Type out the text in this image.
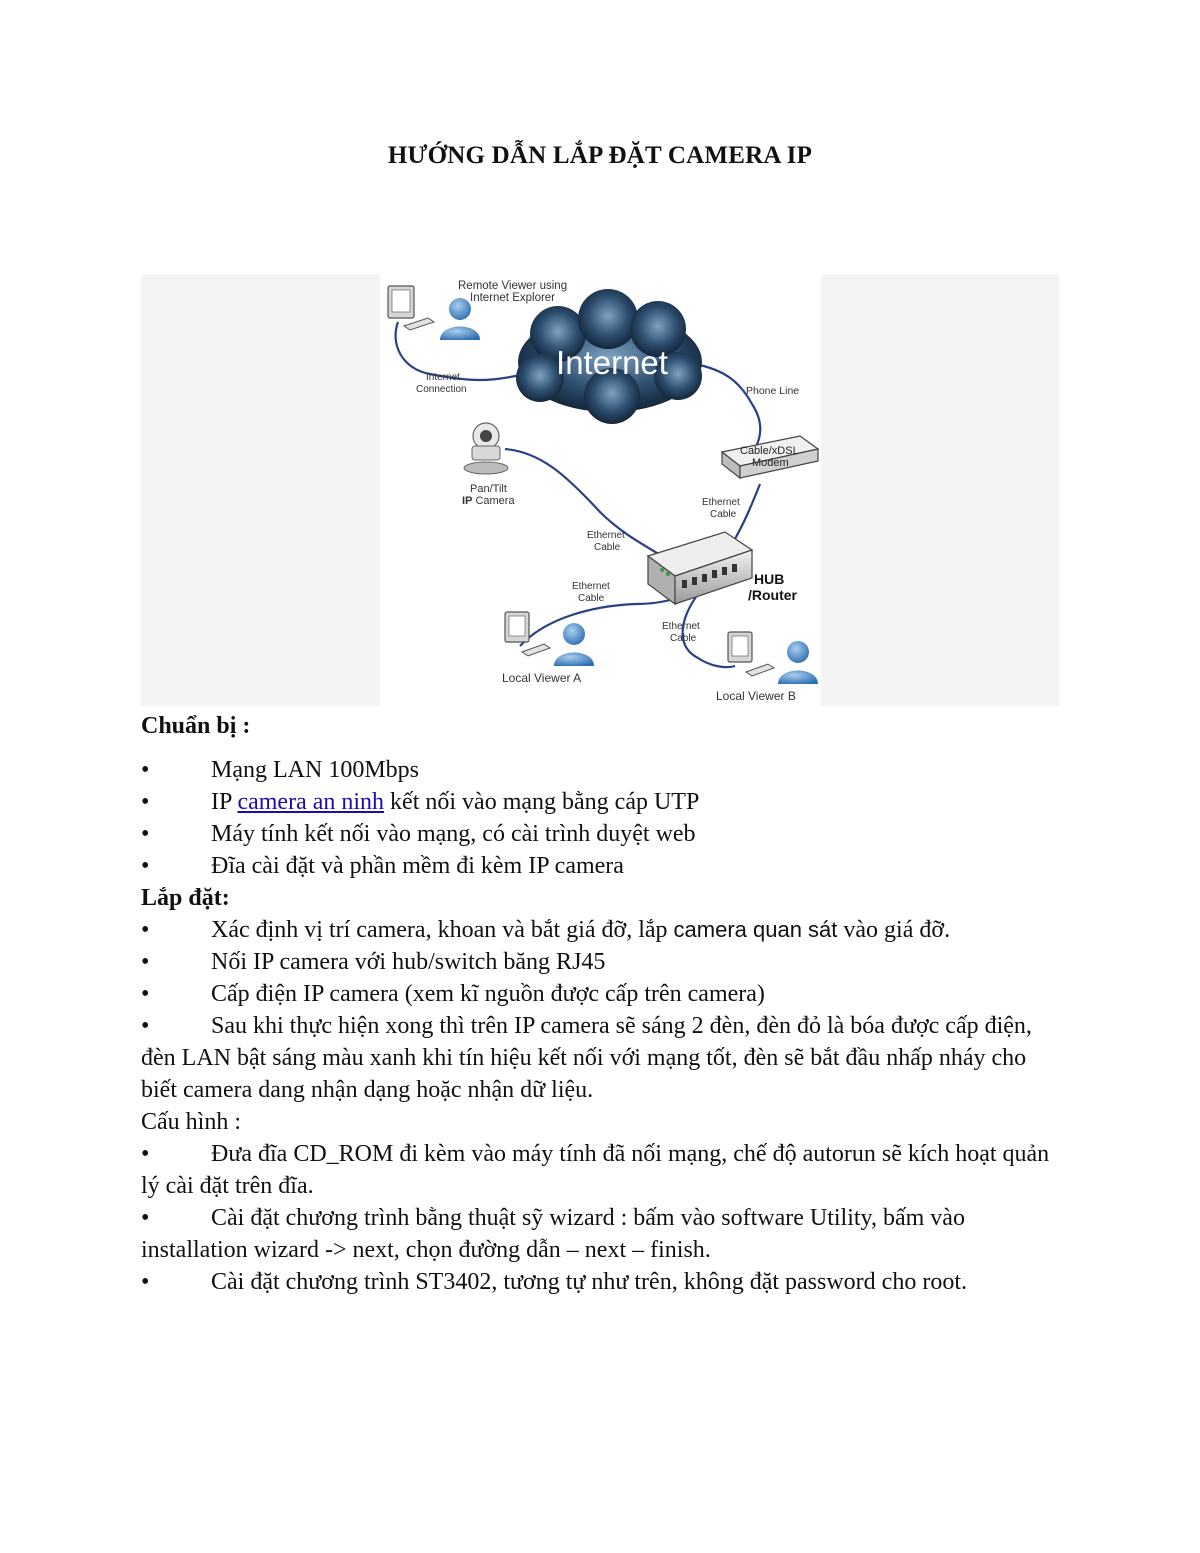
HƯỚNG DẪN LẮP ĐẶT CAMERA IP
Internet
Remote Viewer using
Internet Explorer
Internet
Connection	Phone Line
Cable/xDSL
Modem
Pan/Tilt
IP Camera	Ethernet
Cable
Ethernet
Cable
HUB
/Router
Ethernet
Cable
Ethernet
Cable
Local Viewer A
Local Viewer B

Chuẩn bị :

•	Mạng LAN 100Mbps

•	IP camera an ninh kết nối vào mạng bằng cáp UTP

•	Máy tính kết nối vào mạng, có cài trình duyệt web

•	Đĩa cài đặt và phần mềm đi kèm IP camera

Lắp đặt:

•	Xác định vị trí camera, khoan và bắt giá đỡ, lắp camera quan sát vào giá đỡ.

•	Nối IP camera với hub/switch băng RJ45

•	Cấp điện IP camera (xem kĩ nguồn được cấp trên camera)

•	Sau khi thực hiện xong thì trên IP camera sẽ sáng 2 đèn, đèn đỏ là bóa được cấp điện, đèn LAN bật sáng màu xanh khi tín hiệu kết nối với mạng tốt, đèn sẽ bắt đầu nhấp nháy cho biết camera dang nhận dạng hoặc nhận dữ liệu.

Cấu hình :

•	Đưa đĩa CD_ROM đi kèm vào máy tính đã nối mạng, chế độ autorun sẽ kích hoạt quản lý cài đặt trên đĩa.

•	Cài đặt chương trình bằng thuật sỹ wizard : bấm vào software Utility, bấm vào installation wizard -> next, chọn đường dẫn – next – finish.

•	Cài đặt chương trình ST3402, tương tự như trên, không đặt password cho root.
